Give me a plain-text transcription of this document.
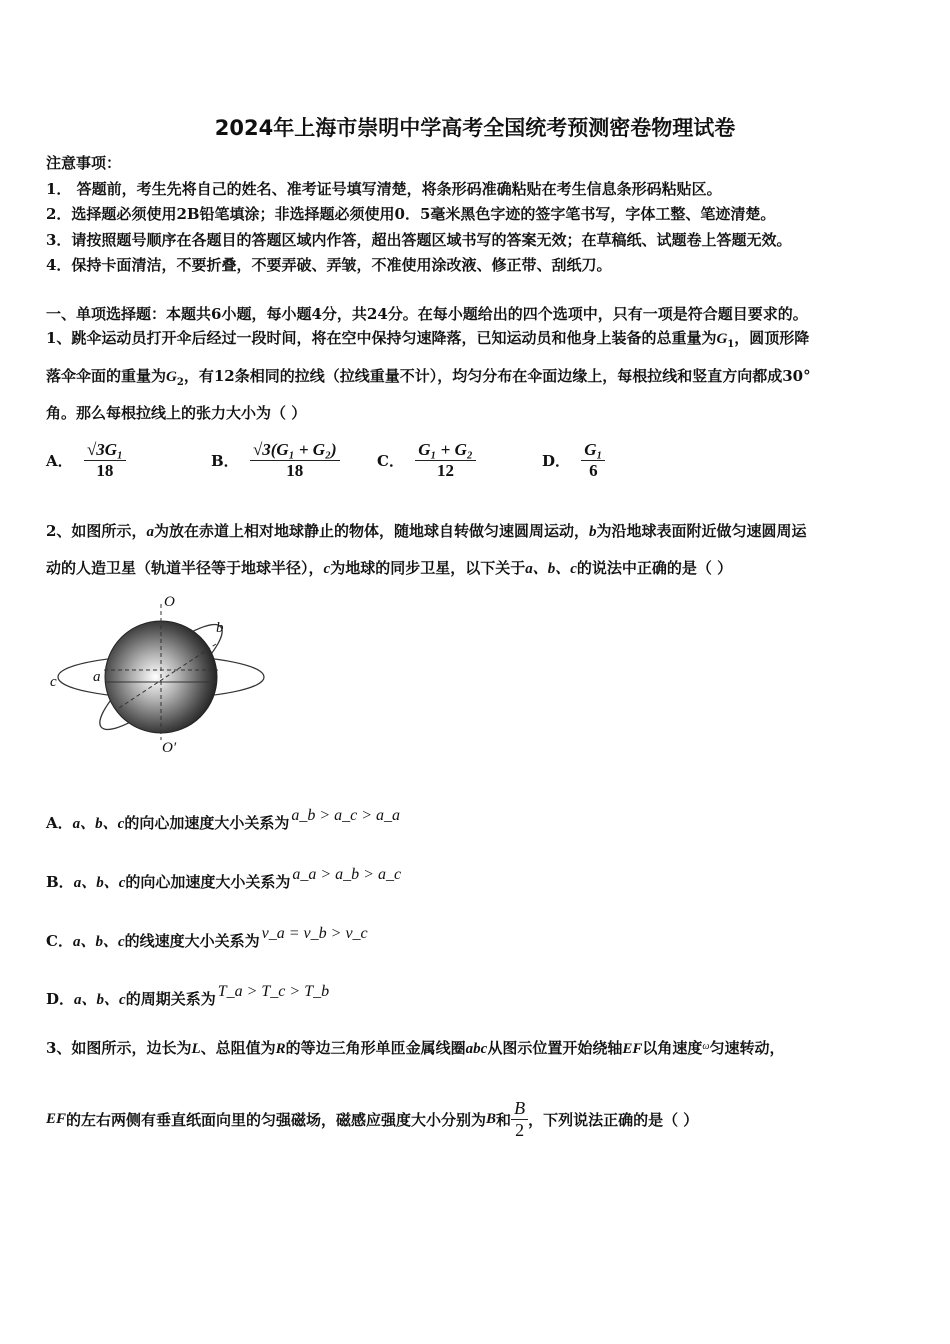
2024年上海市崇明中学高考全国统考预测密卷物理试卷
注意事项：
1． 答题前，考生先将自己的姓名、准考证号填写清楚，将条形码准确粘贴在考生信息条形码粘贴区。
2．选择题必须使用2B铅笔填涂；非选择题必须使用0．5毫米黑色字迹的签字笔书写，字体工整、笔迹清楚。
3．请按照题号顺序在各题目的答题区域内作答，超出答题区域书写的答案无效；在草稿纸、试题卷上答题无效。
4．保持卡面清洁，不要折叠，不要弄破、弄皱，不准使用涂改液、修正带、刮纸刀。
一、单项选择题：本题共6小题，每小题4分，共24分。在每小题给出的四个选项中，只有一项是符合题目要求的。
1、跳伞运动员打开伞后经过一段时间，将在空中保持匀速降落，已知运动员和他身上装备的总重量为$G_1$，圆顶形降
落伞伞面的重量为$G_2$，有12条相同的拉线（拉线重量不计），均匀分布在伞面边缘上，每根拉线和竖直方向都成30°
角。那么每根拉线上的张力大小为（ ）
A． $\frac{\text{√3G₁}}{18}$	B． $\frac{\text{√3(G₁ + G₂)}}{18}$ C． $\frac{\text{G₁ + G₂}}{12}$	D． $\frac{\text{G₁}}{6}$
2、如图所示，a为放在赤道上相对地球静止的物体，随地球自转做匀速圆周运动，b为沿地球表面附近做匀速圆周运
动的人造卫星（轨道半径等于地球半径），c为地球的同步卫星，以下关于a、b、c的说法中正确的是（ ）
O
O′
b
a
c
A．a、b、c的向心加速度大小关系为 a_b > a_c > a_a
B．a、b、c的向心加速度大小关系为 a_a > a_b > a_c
C．a、b、c的线速度大小关系为 v_a = v_b > v_c
D．a、b、c的周期关系为 T_a > T_c > T_b
3、如图所示，边长为L、总阻值为R的等边三角形单匝金属线圈abc从图示位置开始绕轴EF以角速度$^\omega$匀速转动，
EF的左右两侧有垂直纸面向里的匀强磁场，磁感应强度大小分别为B和 $\frac{B}{2}$ ，下列说法正确的是（ ）
